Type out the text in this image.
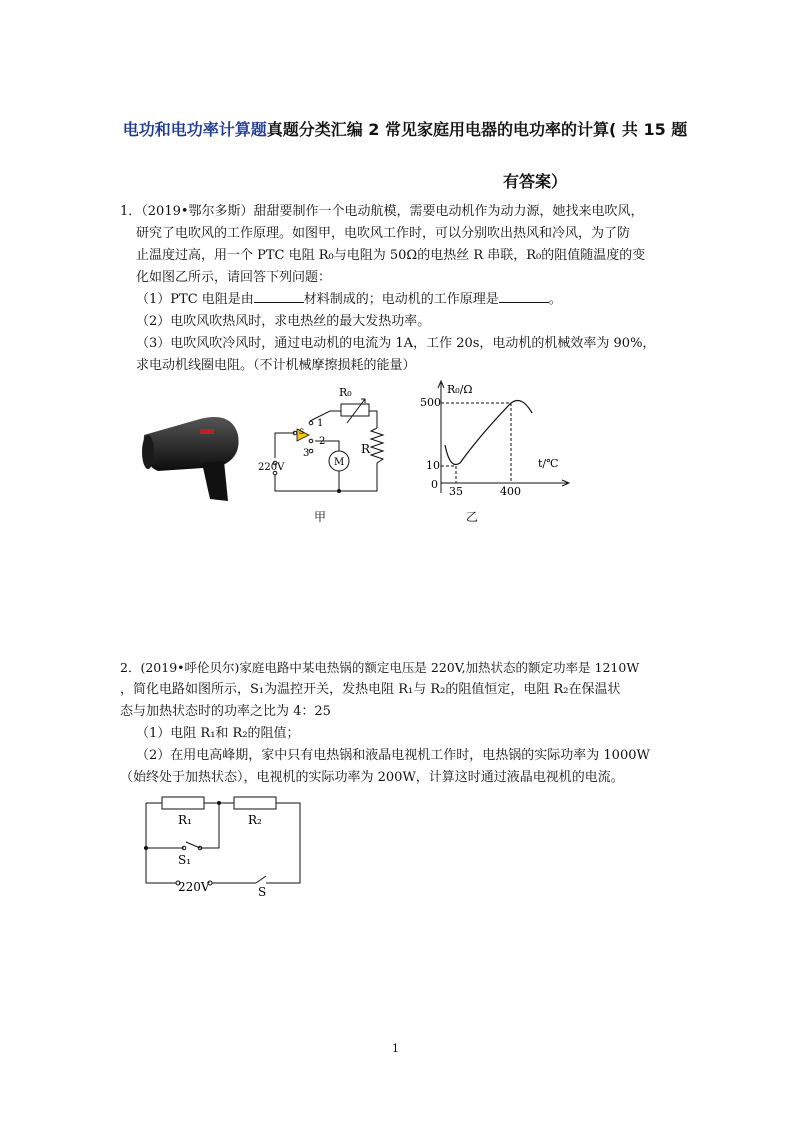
电功和电功率计算题真题分类汇编 2 常见家庭用电器的电功率的计算( 共 15 题
有答案）
1．（2019•鄂尔多斯）甜甜要制作一个电动航模，需要电动机作为动力源，她找来电吹风，
研究了电吹风的工作原理。如图甲，电吹风工作时，可以分别吹出热风和冷风，为了防
止温度过高，用一个 PTC 电阻 R₀与电阻为 50Ω的电热丝 R 串联，R₀的阻值随温度的变
化如图乙所示，请回答下列问题：
（1）PTC 电阻是由	材料制成的；电动机的工作原理是	。
（2）电吹风吹热风时，求电热丝的最大发热功率。
（3）电吹风吹冷风时，通过电动机的电流为 1A，工作 20s，电动机的机械效率为 90%，
求电动机线圈电阻。（不计机械摩擦损耗的能量）
R₀
R
s
1
2
3
M
220V
甲
R₀/Ω
t/℃
500
10
0
35	400
乙
2．(2019•呼伦贝尔)家庭电路中某电热锅的额定电压是 220V,加热状态的额定功率是 1210W
，简化电路如图所示，S₁为温控开关，发热电阻 R₁与 R₂的阻值恒定，电阻 R₂在保温状
态与加热状态时的功率之比为 4：25
（1）电阻 R₁和 R₂的阻值；
（2）在用电高峰期，家中只有电热锅和液晶电视机工作时，电热锅的实际功率为 1000W
（始终处于加热状态），电视机的实际功率为 200W，计算这时通过液晶电视机的电流。
R₁	R₂
S₁
220V	S
1
